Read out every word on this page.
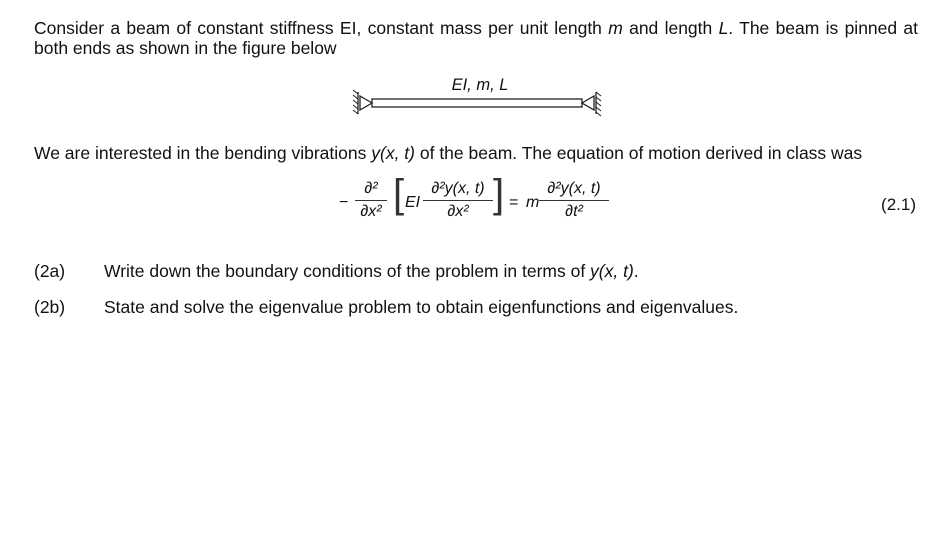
Consider a beam of constant stiffness EI, constant mass per unit length m and length L. The beam is pinned at both ends as shown in the figure below

EI, m, L

We are interested in the bending vibrations y(x, t) of the beam. The equation of motion derived in class was

−
∂²
∂x² [ EI
∂²y(x, t)
∂x² ] = m
∂²y(x, t)
∂t²	(2.1)
(2a)	Write down the boundary conditions of the problem in terms of y(x, t).
(2b)	State and solve the eigenvalue problem to obtain eigenfunctions and eigenvalues.
